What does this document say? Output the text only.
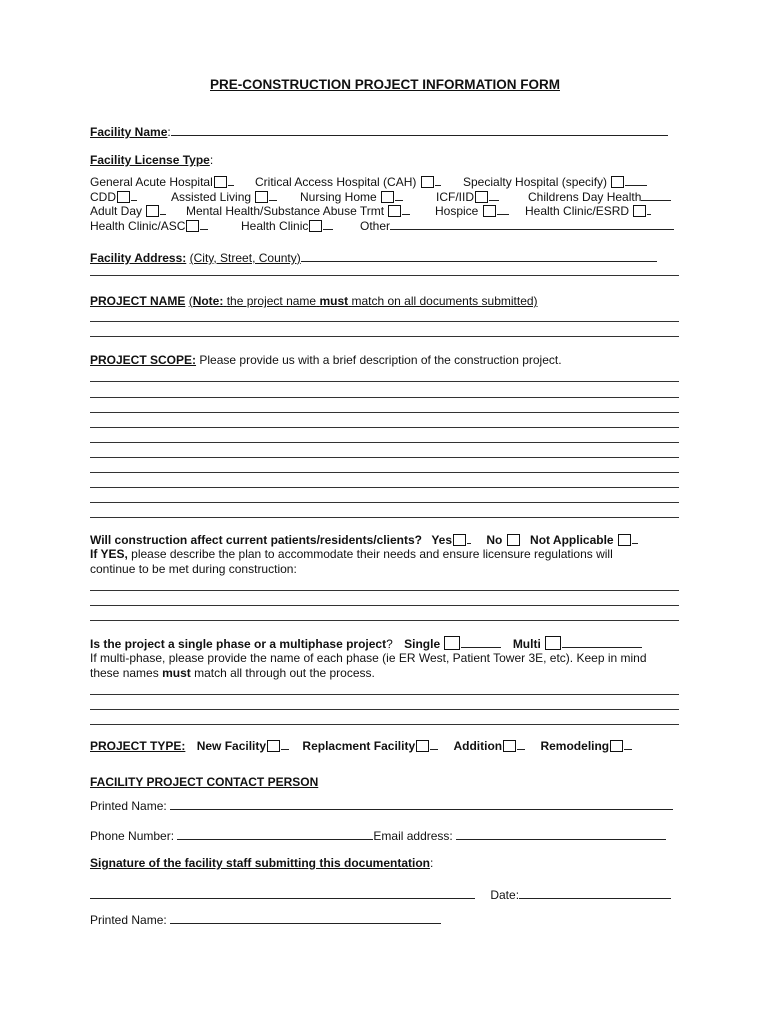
PRE-CONSTRUCTION PROJECT INFORMATION FORM
Facility Name:
Facility License Type:
General Acute Hospital	Critical Access Hospital (CAH)	Specialty Hospital (specify)
CDD	Assisted Living	Nursing Home	ICF/IID	Childrens Day Health
Adult Day	Mental Health/Substance Abuse Trmt	Hospice	Health Clinic/ESRD
Health Clinic/ASC	Health Clinic	Other
Facility Address: (City, Street, County)
PROJECT NAME (Note: the project name must match on all documents submitted)
PROJECT SCOPE: Please provide us with a brief description of the construction project.
Will construction affect current patients/residents/clients? Yes	No Not Applicable
If YES, please describe the plan to accommodate their needs and ensure licensure regulations will
continue to be met during construction:
Is the project a single phase or a multiphase project? Single	Multi
If multi-phase, please provide the name of each phase (ie ER West, Patient Tower 3E, etc). Keep in mind
these names must match all through out the process.
PROJECT TYPE: New Facility	Replacment Facility	Addition	Remodeling
FACILITY PROJECT CONTACT PERSON
Printed Name:
Phone Number:	Email address:
Signature of the facility staff submitting this documentation:
Date:
Printed Name:
